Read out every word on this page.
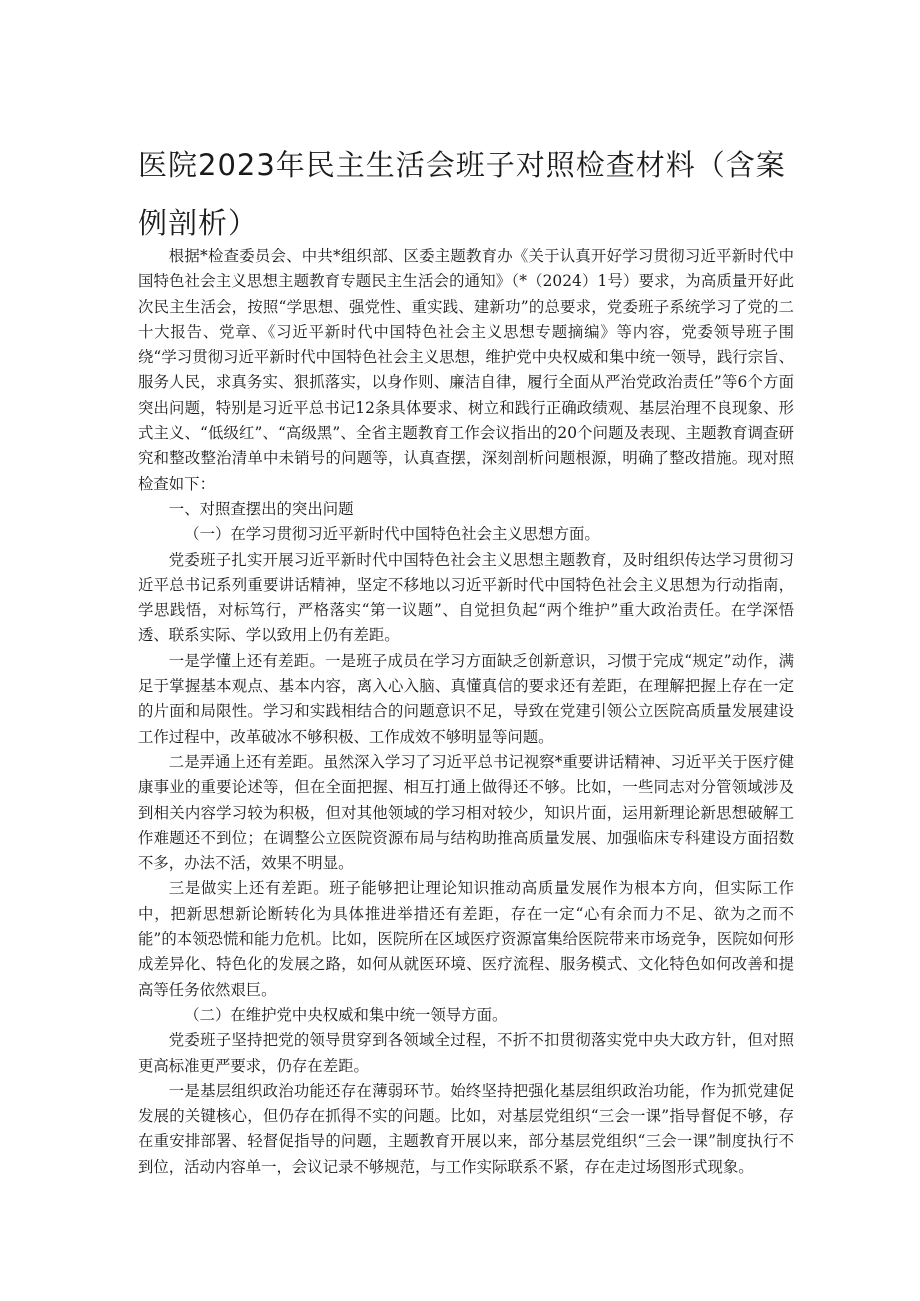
医院2023年民主生活会班子对照检查材料（含案例剖析）

根据*检查委员会、中共*组织部、区委主题教育办《关于认真开好学习贯彻习近平新时代中国特色社会主义思想主题教育专题民主生活会的通知》（*（2024）1号）要求，为高质量开好此次民主生活会，按照“学思想、强党性、重实践、建新功”的总要求，党委班子系统学习了党的二十大报告、党章、《习近平新时代中国特色社会主义思想专题摘编》等内容，党委领导班子围绕“学习贯彻习近平新时代中国特色社会主义思想，维护党中央权威和集中统一领导，践行宗旨、服务人民，求真务实、狠抓落实，以身作则、廉洁自律，履行全面从严治党政治责任”等6个方面突出问题，特别是习近平总书记12条具体要求、树立和践行正确政绩观、基层治理不良现象、形式主义、“低级红”、“高级黑”、全省主题教育工作会议指出的20个问题及表现、主题教育调查研究和整改整治清单中未销号的问题等，认真查摆，深刻剖析问题根源，明确了整改措施。现对照检查如下：

一、对照查摆出的突出问题

（一）在学习贯彻习近平新时代中国特色社会主义思想方面。

党委班子扎实开展习近平新时代中国特色社会主义思想主题教育，及时组织传达学习贯彻习近平总书记系列重要讲话精神，坚定不移地以习近平新时代中国特色社会主义思想为行动指南，学思践悟，对标笃行，严格落实“第一议题”、自觉担负起“两个维护”重大政治责任。在学深悟透、联系实际、学以致用上仍有差距。

一是学懂上还有差距。一是班子成员在学习方面缺乏创新意识，习惯于完成“规定”动作，满足于掌握基本观点、基本内容，离入心入脑、真懂真信的要求还有差距，在理解把握上存在一定的片面和局限性。学习和实践相结合的问题意识不足，导致在党建引领公立医院高质量发展建设工作过程中，改革破冰不够积极、工作成效不够明显等问题。

二是弄通上还有差距。虽然深入学习了习近平总书记视察*重要讲话精神、习近平关于医疗健康事业的重要论述等，但在全面把握、相互打通上做得还不够。比如，一些同志对分管领域涉及到相关内容学习较为积极，但对其他领域的学习相对较少，知识片面，运用新理论新思想破解工作难题还不到位；在调整公立医院资源布局与结构助推高质量发展、加强临床专科建设方面招数不多，办法不活，效果不明显。

三是做实上还有差距。班子能够把让理论知识推动高质量发展作为根本方向，但实际工作中，把新思想新论断转化为具体推进举措还有差距，存在一定“心有余而力不足、欲为之而不能”的本领恐慌和能力危机。比如，医院所在区域医疗资源富集给医院带来市场竞争，医院如何形成差异化、特色化的发展之路，如何从就医环境、医疗流程、服务模式、文化特色如何改善和提高等任务依然艰巨。

（二）在维护党中央权威和集中统一领导方面。

党委班子坚持把党的领导贯穿到各领域全过程，不折不扣贯彻落实党中央大政方针，但对照更高标准更严要求，仍存在差距。

一是基层组织政治功能还存在薄弱环节。始终坚持把强化基层组织政治功能，作为抓党建促发展的关键核心，但仍存在抓得不实的问题。比如，对基层党组织“三会一课”指导督促不够，存在重安排部署、轻督促指导的问题，主题教育开展以来，部分基层党组织“三会一课”制度执行不到位，活动内容单一，会议记录不够规范，与工作实际联系不紧，存在走过场图形式现象。
